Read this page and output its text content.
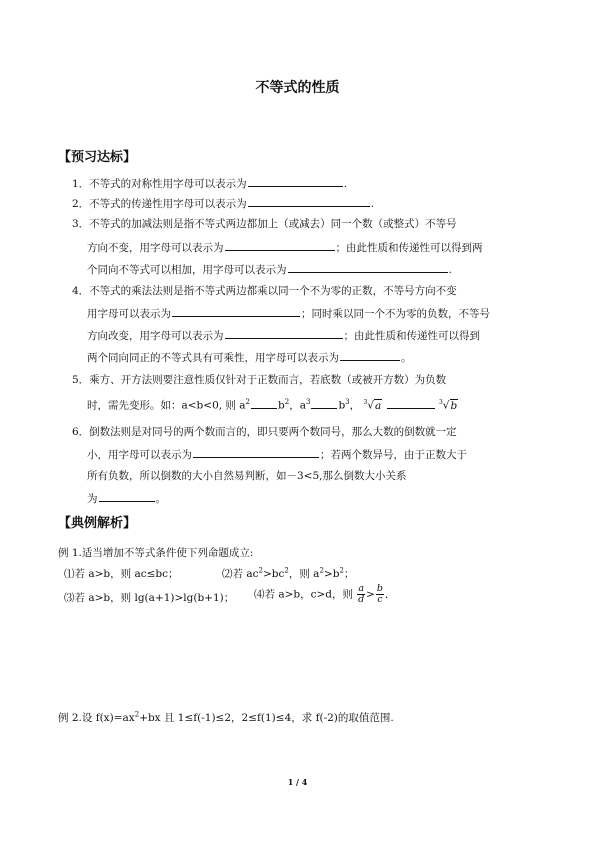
不等式的性质
【预习达标】
1．不等式的对称性用字母可以表示为	.
2．不等式的传递性用字母可以表示为	.
3．不等式的加减法则是指不等式两边都加上（或减去）同一个数（或整式）不等号
方向不变，用字母可以表示为	；由此性质和传递性可以得到两
个同向不等式可以相加，用字母可以表示为	.
4．不等式的乘法法则是指不等式两边都乘以同一个不为零的正数，不等号方向不变
用字母可以表示为	；同时乘以同一个不为零的负数，不等号
方向改变，用字母可以表示为	；由此性质和传递性可以得到
两个同向同正的不等式具有可乘性，用字母可以表示为	。
5．乘方、开方法则要注意性质仅针对于正数而言，若底数（或被开方数）为负数
时，需先变形。如：a<b<0, 则 $a^2$	$b^2$，$a^3$	$b^3$， $^3$√a	$^3$√b
6．倒数法则是对同号的两个数而言的，即只要两个数同号，那么大数的倒数就一定
小，用字母可以表示为	；若两个数异号，由于正数大于
所有负数，所以倒数的大小自然易判断，如－3<5,那么倒数大小关系
为	。
【典例解析】
例 1.适当增加不等式条件使下列命题成立:
⑴若 a>b，则 ac≤bc；	⑵若 $ac^2>bc^2$，则 $a^2>b^2$；
⑶若 a>b，则 lg(a+1)>lg(b+1)； ⑷若 a>b，c>d，则 $\frac{a}{d} > \frac{b}{c}$ ．
例 2.设 $f(x)=ax^2+bx$ 且 1≤f(-1)≤2，2≤f(1)≤4，求 f(-2)的取值范围.
1 / 4
